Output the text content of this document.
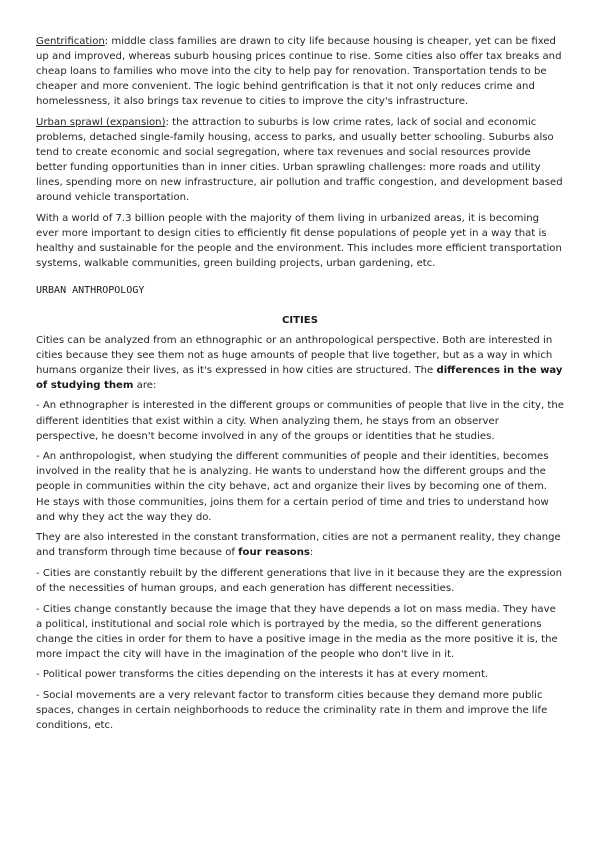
Gentrification: middle class families are drawn to city life because housing is cheaper, yet can be fixed up and improved, whereas suburb housing prices continue to rise. Some cities also offer tax breaks and cheap loans to families who move into the city to help pay for renovation. Transportation tends to be cheaper and more convenient. The logic behind gentrification is that it not only reduces crime and homelessness, it also brings tax revenue to cities to improve the city's infrastructure.

Urban sprawl (expansion): the attraction to suburbs is low crime rates, lack of social and economic problems, detached single-family housing, access to parks, and usually better schooling. Suburbs also tend to create economic and social segregation, where tax revenues and social resources provide better funding opportunities than in inner cities. Urban sprawling challenges: more roads and utility lines, spending more on new infrastructure, air pollution and traffic congestion, and development based around vehicle transportation.

With a world of 7.3 billion people with the majority of them living in urbanized areas, it is becoming ever more important to design cities to efficiently fit dense populations of people yet in a way that is healthy and sustainable for the people and the environment. This includes more efficient transportation systems, walkable communities, green building projects, urban gardening, etc.

URBAN ANTHROPOLOGY
CITIES

Cities can be analyzed from an ethnographic or an anthropological perspective. Both are interested in cities because they see them not as huge amounts of people that live together, but as a way in which humans organize their lives, as it's expressed in how cities are structured. The differences in the way of studying them are:

- An ethnographer is interested in the different groups or communities of people that live in the city, the different identities that exist within a city. When analyzing them, he stays from an observer perspective, he doesn't become involved in any of the groups or identities that he studies.

- An anthropologist, when studying the different communities of people and their identities, becomes involved in the reality that he is analyzing. He wants to understand how the different groups and the people in communities within the city behave, act and organize their lives by becoming one of them. He stays with those communities, joins them for a certain period of time and tries to understand how and why they act the way they do.

They are also interested in the constant transformation, cities are not a permanent reality, they change and transform through time because of four reasons:

- Cities are constantly rebuilt by the different generations that live in it because they are the expression of the necessities of human groups, and each generation has different necessities.

- Cities change constantly because the image that they have depends a lot on mass media. They have a political, institutional and social role which is portrayed by the media, so the different generations change the cities in order for them to have a positive image in the media as the more positive it is, the more impact the city will have in the imagination of the people who don't live in it.

- Political power transforms the cities depending on the interests it has at every moment.

- Social movements are a very relevant factor to transform cities because they demand more public spaces, changes in certain neighborhoods to reduce the criminality rate in them and improve the life conditions, etc.
